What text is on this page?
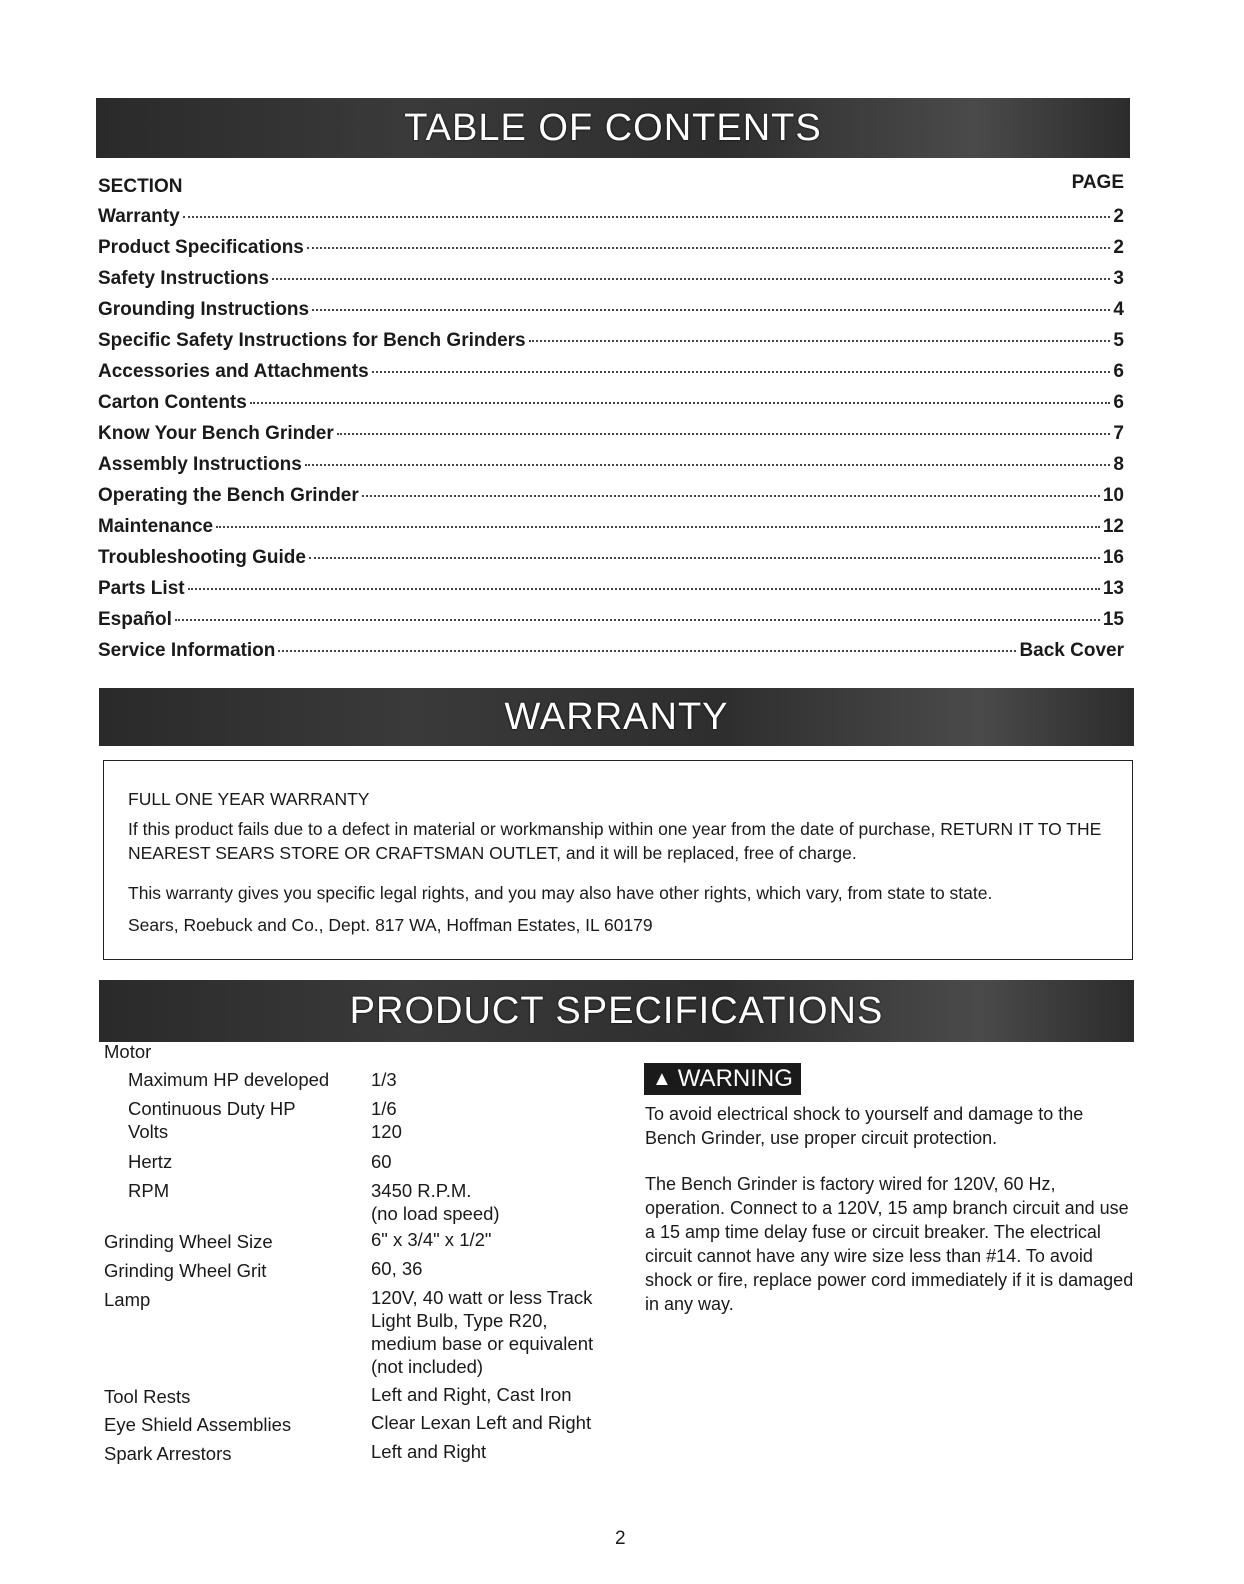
TABLE OF CONTENTS
SECTION	PAGE
Warranty	2
Product Specifications	2
Safety Instructions	3
Grounding Instructions	4
Specific Safety Instructions for Bench Grinders	5
Accessories and Attachments	6
Carton Contents	6
Know Your Bench Grinder	7
Assembly Instructions	8
Operating the Bench Grinder	10
Maintenance	12
Troubleshooting Guide	16
Parts List	13
Español	15
Service Information	Back Cover
WARRANTY
FULL ONE YEAR WARRANTY
If this product fails due to a defect in material or workmanship within one year from the date of purchase, RETURN IT TO THE NEAREST SEARS STORE OR CRAFTSMAN OUTLET, and it will be replaced, free of charge.
This warranty gives you specific legal rights, and you may also have other rights, which vary, from state to state.
Sears, Roebuck and Co., Dept. 817 WA, Hoffman Estates, IL 60179
PRODUCT SPECIFICATIONS
Motor
Maximum HP developed 1/3
Continuous Duty HP	1/6
Volts	120
Hertz	60
RPM	3450 R.P.M.
(no load speed)
Grinding Wheel Size	6" x 3/4" x 1/2"
Grinding Wheel Grit	60, 36
Lamp	120V, 40 watt or less Track
Light Bulb, Type R20,
medium base or equivalent
(not included)
Tool Rests	Left and Right, Cast Iron
Eye Shield Assemblies	Clear Lexan Left and Right
Spark Arrestors	Left and Right
▲ WARNING
To avoid electrical shock to yourself and damage to the Bench Grinder, use proper circuit protection.
The Bench Grinder is factory wired for 120V, 60 Hz, operation. Connect to a 120V, 15 amp branch circuit and use a 15 amp time delay fuse or circuit breaker. The electrical circuit cannot have any wire size less than #14. To avoid shock or fire, replace power cord immediately if it is damaged in any way.
2
